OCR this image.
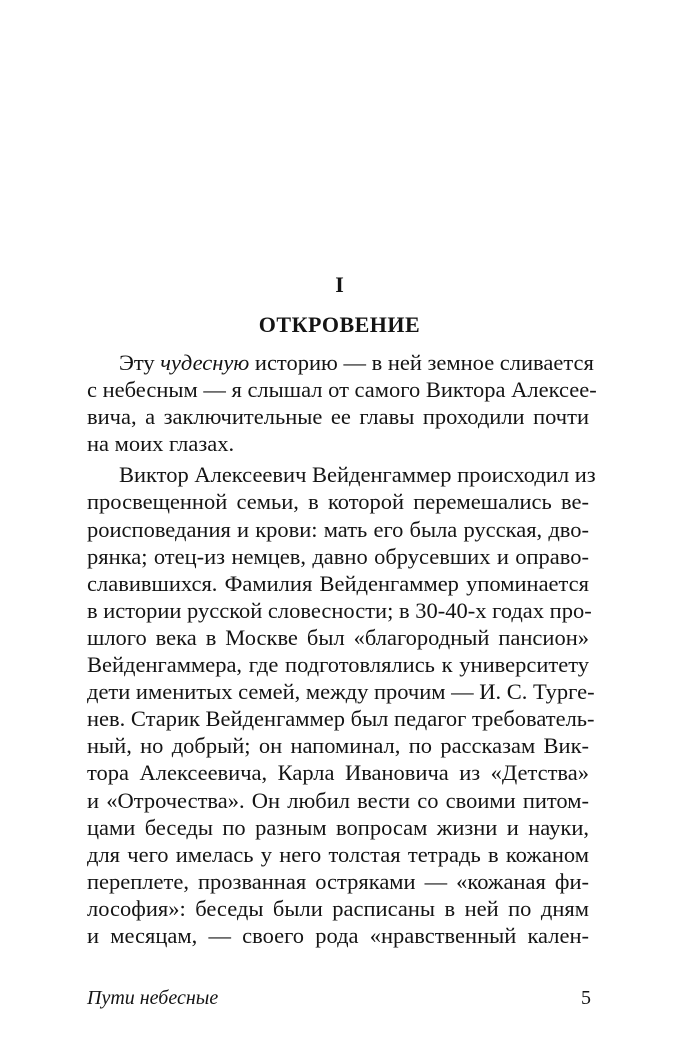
I
ОТКРОВЕНИЕ
Эту чудесную историю — в ней земное сливается
с небесным — я слышал от самого Виктора Алексее-
вича, а заключительные ее главы проходили почти
на моих глазах.
Виктор Алексеевич Вейденгаммер происходил из
просвещенной семьи, в которой перемешались ве-
роисповедания и крови: мать его была русская, дво-
рянка; отец-из немцев, давно обрусевших и оправо-
славившихся. Фамилия Вейденгаммер упоминается
в истории русской словесности; в 30-40-х годах про-
шлого века в Москве был «благородный пансион»
Вейденгаммера, где подготовлялись к университету
дети именитых семей, между прочим — И. С. Турге-
нев. Старик Вейденгаммер был педагог требователь-
ный, но добрый; он напоминал, по рассказам Вик-
тора Алексеевича, Карла Ивановича из «Детства»
и «Отрочества». Он любил вести со своими питом-
цами беседы по разным вопросам жизни и науки,
для чего имелась у него толстая тетрадь в кожаном
переплете, прозванная остряками — «кожаная фи-
лософия»: беседы были расписаны в ней по дням
и месяцам, — своего рода «нравственный кален-
Пути небесные	5
